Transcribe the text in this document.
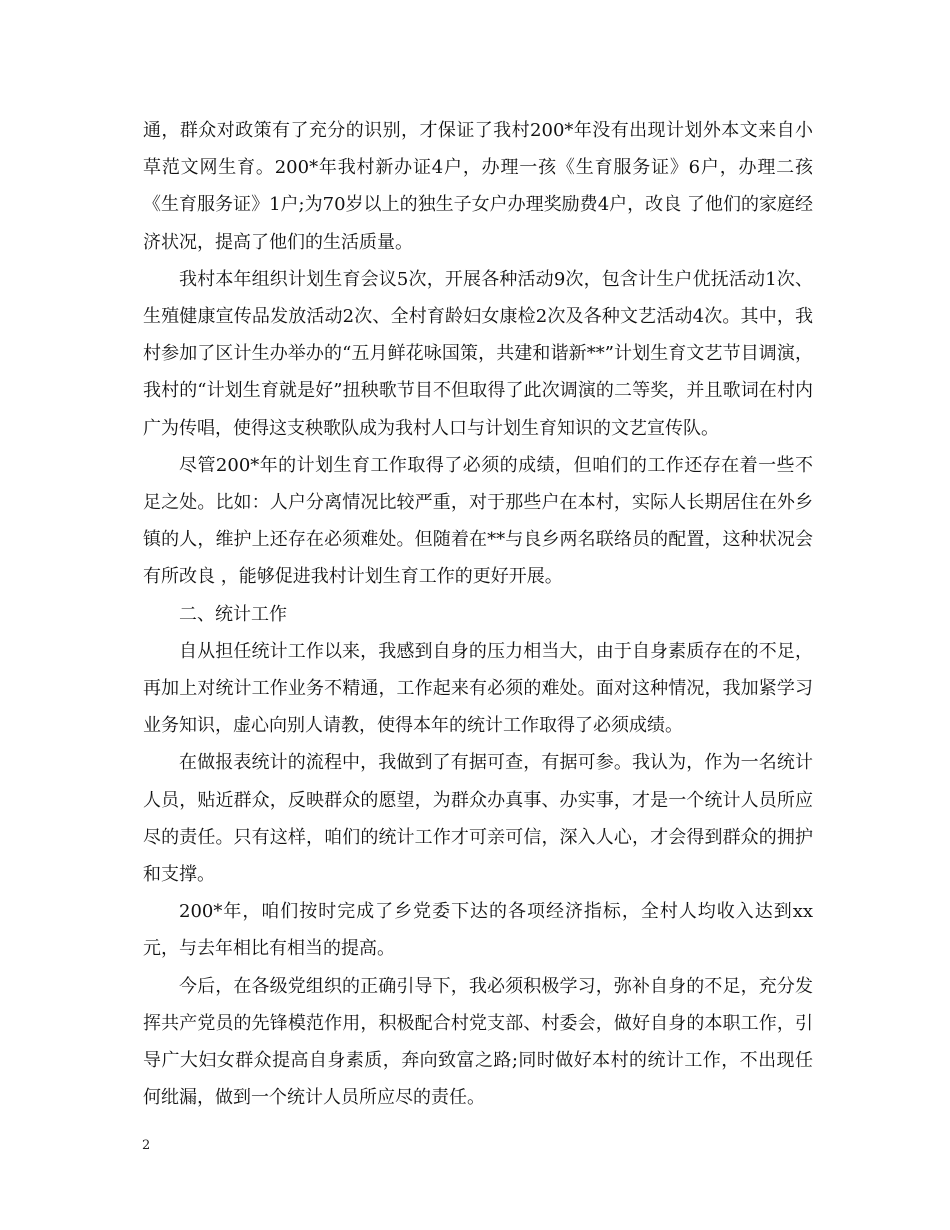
通，群众对政策有了充分的识别，才保证了我村200*年没有出现计划外本文来自小草范文网生育。200*年我村新办证4户，办理一孩《生育服务证》6户，办理二孩《生育服务证》1户;为70岁以上的独生子女户办理奖励费4户，改良 了他们的家庭经济状况，提高了他们的生活质量。

我村本年组织计划生育会议5次，开展各种活动9次，包含计生户优抚活动1次、生殖健康宣传品发放活动2次、全村育龄妇女康检2次及各种文艺活动4次。其中，我村参加了区计生办举办的“五月鲜花咏国策，共建和谐新**”计划生育文艺节目调演，我村的“计划生育就是好”扭秧歌节目不但取得了此次调演的二等奖，并且歌词在村内广为传唱，使得这支秧歌队成为我村人口与计划生育知识的文艺宣传队。

尽管200*年的计划生育工作取得了必须的成绩，但咱们的工作还存在着一些不足之处。比如：人户分离情况比较严重，对于那些户在本村，实际人长期居住在外乡镇的人，维护上还存在必须难处。但随着在**与良乡两名联络员的配置，这种状况会有所改良 ，能够促进我村计划生育工作的更好开展。

二、统计工作

自从担任统计工作以来，我感到自身的压力相当大，由于自身素质存在的不足，再加上对统计工作业务不精通，工作起来有必须的难处。面对这种情况，我加紧学习业务知识，虚心向别人请教，使得本年的统计工作取得了必须成绩。

在做报表统计的流程中，我做到了有据可查，有据可参。我认为，作为一名统计人员，贴近群众，反映群众的愿望，为群众办真事、办实事，才是一个统计人员所应尽的责任。只有这样，咱们的统计工作才可亲可信，深入人心，才会得到群众的拥护和支撑。

200*年，咱们按时完成了乡党委下达的各项经济指标，全村人均收入达到xx元，与去年相比有相当的提高。

今后，在各级党组织的正确引导下，我必须积极学习，弥补自身的不足，充分发挥共产党员的先锋模范作用，积极配合村党支部、村委会，做好自身的本职工作，引导广大妇女群众提高自身素质，奔向致富之路;同时做好本村的统计工作，不出现任何纰漏，做到一个统计人员所应尽的责任。

2
